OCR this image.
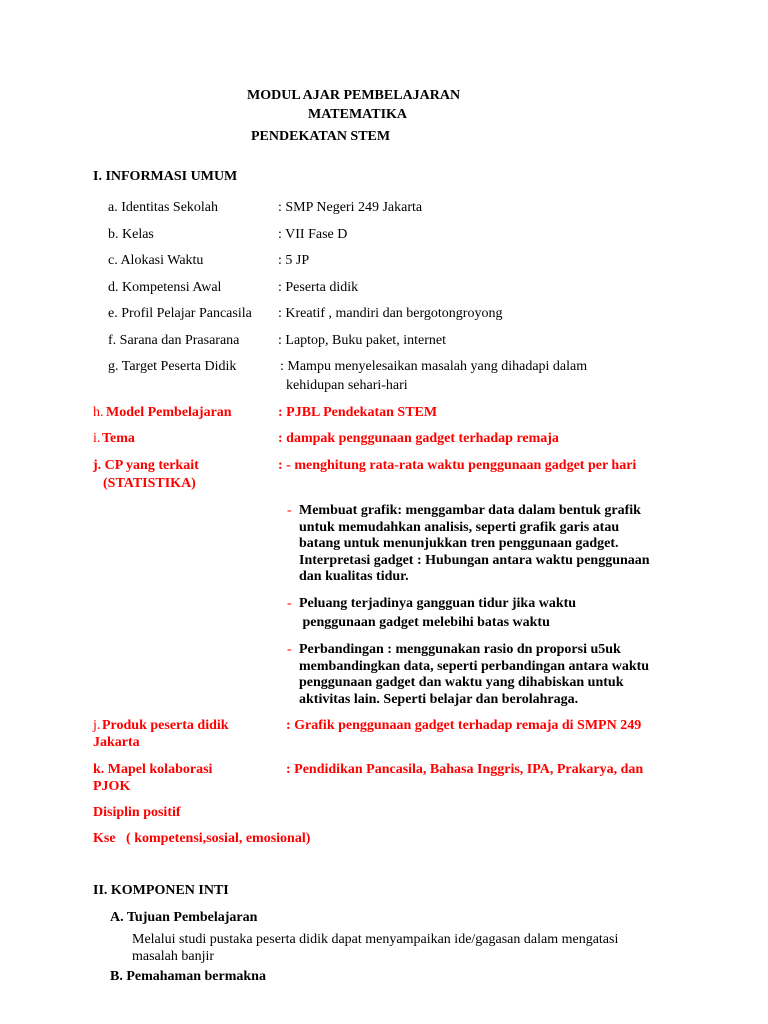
MODUL AJAR PEMBELAJARAN
MATEMATIKA
PENDEKATAN STEM
I. INFORMASI UMUM
a. Identitas Sekolah	: SMP Negeri 249 Jakarta
b. Kelas	: VII Fase D
c. Alokasi Waktu	: 5 JP
d. Kompetensi Awal	: Peserta didik
e. Profil Pelajar Pancasila : Kreatif , mandiri dan bergotongroyong
f. Sarana dan Prasarana	: Laptop, Buku paket, internet
g. Target Peserta Didik	: Mampu menyelesaikan masalah yang dihadapi dalam
kehidupan sehari-hari
h. Model Pembelajaran	: PJBL Pendekatan STEM
i. Tema	: dampak penggunaan gadget terhadap remaja
j. CP yang terkait
(STATISTIKA)
: - menghitung rata-rata waktu penggunaan gadget per hari
- Membuat grafik: menggambar data dalam bentuk grafik
untuk memudahkan analisis, seperti grafik garis atau
batang untuk menunjukkan tren penggunaan gadget.
Interpretasi gadget : Hubungan antara waktu penggunaan
dan kualitas tidur.
- Peluang terjadinya gangguan tidur jika waktu
penggunaan gadget melebihi batas waktu
- Perbandingan : menggunakan rasio dn proporsi u5uk
membandingkan data, seperti perbandingan antara waktu
penggunaan gadget dan waktu yang dihabiskan untuk
aktivitas lain. Seperti belajar dan berolahraga.
j. Produk peserta didik
Jakarta
: Grafik penggunaan gadget terhadap remaja di SMPN 249
k. Mapel kolaborasi
PJOK
: Pendidikan Pancasila, Bahasa Inggris, IPA, Prakarya, dan
Disiplin positif
Kse   ( kompetensi,sosial, emosional)
II. KOMPONEN INTI
A. Tujuan Pembelajaran
Melalui studi pustaka peserta didik dapat menyampaikan ide/gagasan dalam mengatasi
masalah banjir
B. Pemahaman bermakna
